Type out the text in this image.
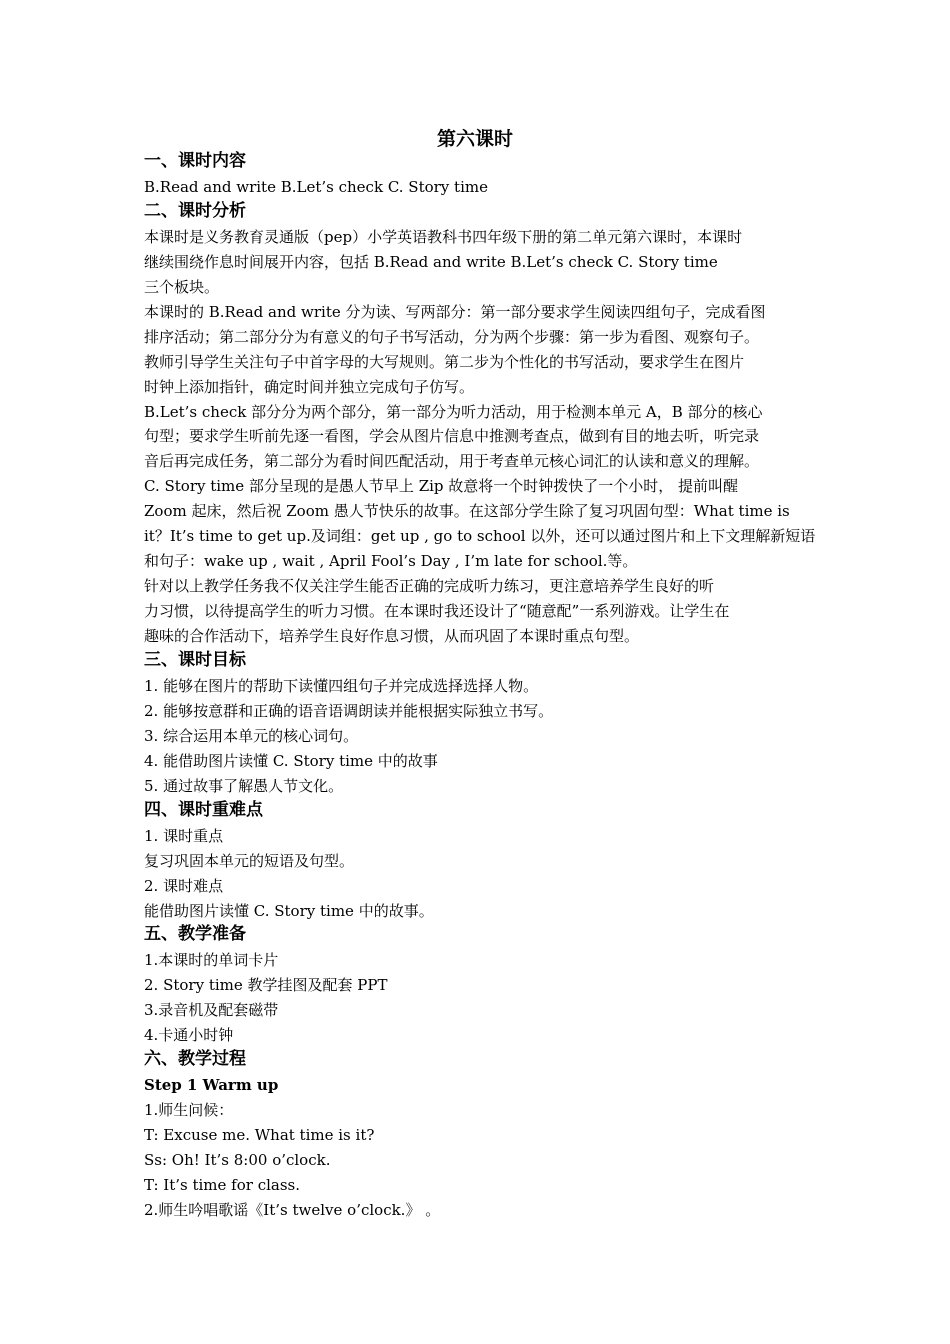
第六课时
一、课时内容
B.Read and write B.Let’s check C. Story time
二、课时分析
本课时是义务教育灵通版（pep）小学英语教科书四年级下册的第二单元第六课时，本课时
继续围绕作息时间展开内容，包括 B.Read and write B.Let’s check C. Story time
三个板块。
本课时的 B.Read and write 分为读、写两部分：第一部分要求学生阅读四组句子，完成看图
排序活动；第二部分分为有意义的句子书写活动，分为两个步骤：第一步为看图、观察句子。
教师引导学生关注句子中首字母的大写规则。第二步为个性化的书写活动，要求学生在图片
时钟上添加指针，确定时间并独立完成句子仿写。
B.Let’s check 部分分为两个部分，第一部分为听力活动，用于检测本单元 A，B 部分的核心
句型；要求学生听前先逐一看图，学会从图片信息中推测考查点，做到有目的地去听，听完录
音后再完成任务，第二部分为看时间匹配活动，用于考查单元核心词汇的认读和意义的理解。
C. Story time 部分呈现的是愚人节早上 Zip 故意将一个时钟拨快了一个小时， 提前叫醒
Zoom 起床，然后祝 Zoom 愚人节快乐的故事。在这部分学生除了复习巩固句型：What time is
it？It’s time to get up.及词组：get up , go to school 以外，还可以通过图片和上下文理解新短语
和句子：wake up , wait , April Fool’s Day , I’m late for school.等。
针对以上教学任务我不仅关注学生能否正确的完成听力练习，更注意培养学生良好的听
力习惯，以待提高学生的听力习惯。在本课时我还设计了“随意配”一系列游戏。让学生在
趣味的合作活动下，培养学生良好作息习惯，从而巩固了本课时重点句型。
三、课时目标
1. 能够在图片的帮助下读懂四组句子并完成选择选择人物。
2. 能够按意群和正确的语音语调朗读并能根据实际独立书写。
3. 综合运用本单元的核心词句。
4. 能借助图片读懂 C. Story time 中的故事
5. 通过故事了解愚人节文化。
四、课时重难点
1. 课时重点
复习巩固本单元的短语及句型。
2. 课时难点
能借助图片读懂 C. Story time 中的故事。
五、教学准备
1.本课时的单词卡片
2. Story time 教学挂图及配套 PPT
3.录音机及配套磁带
4.卡通小时钟
六、教学过程
Step 1 Warm up
1.师生问候：
T: Excuse me. What time is it?
Ss: Oh! It’s 8:00 o’clock.
T: It’s time for class.
2.师生吟唱歌谣《It’s twelve o’clock.》 。
